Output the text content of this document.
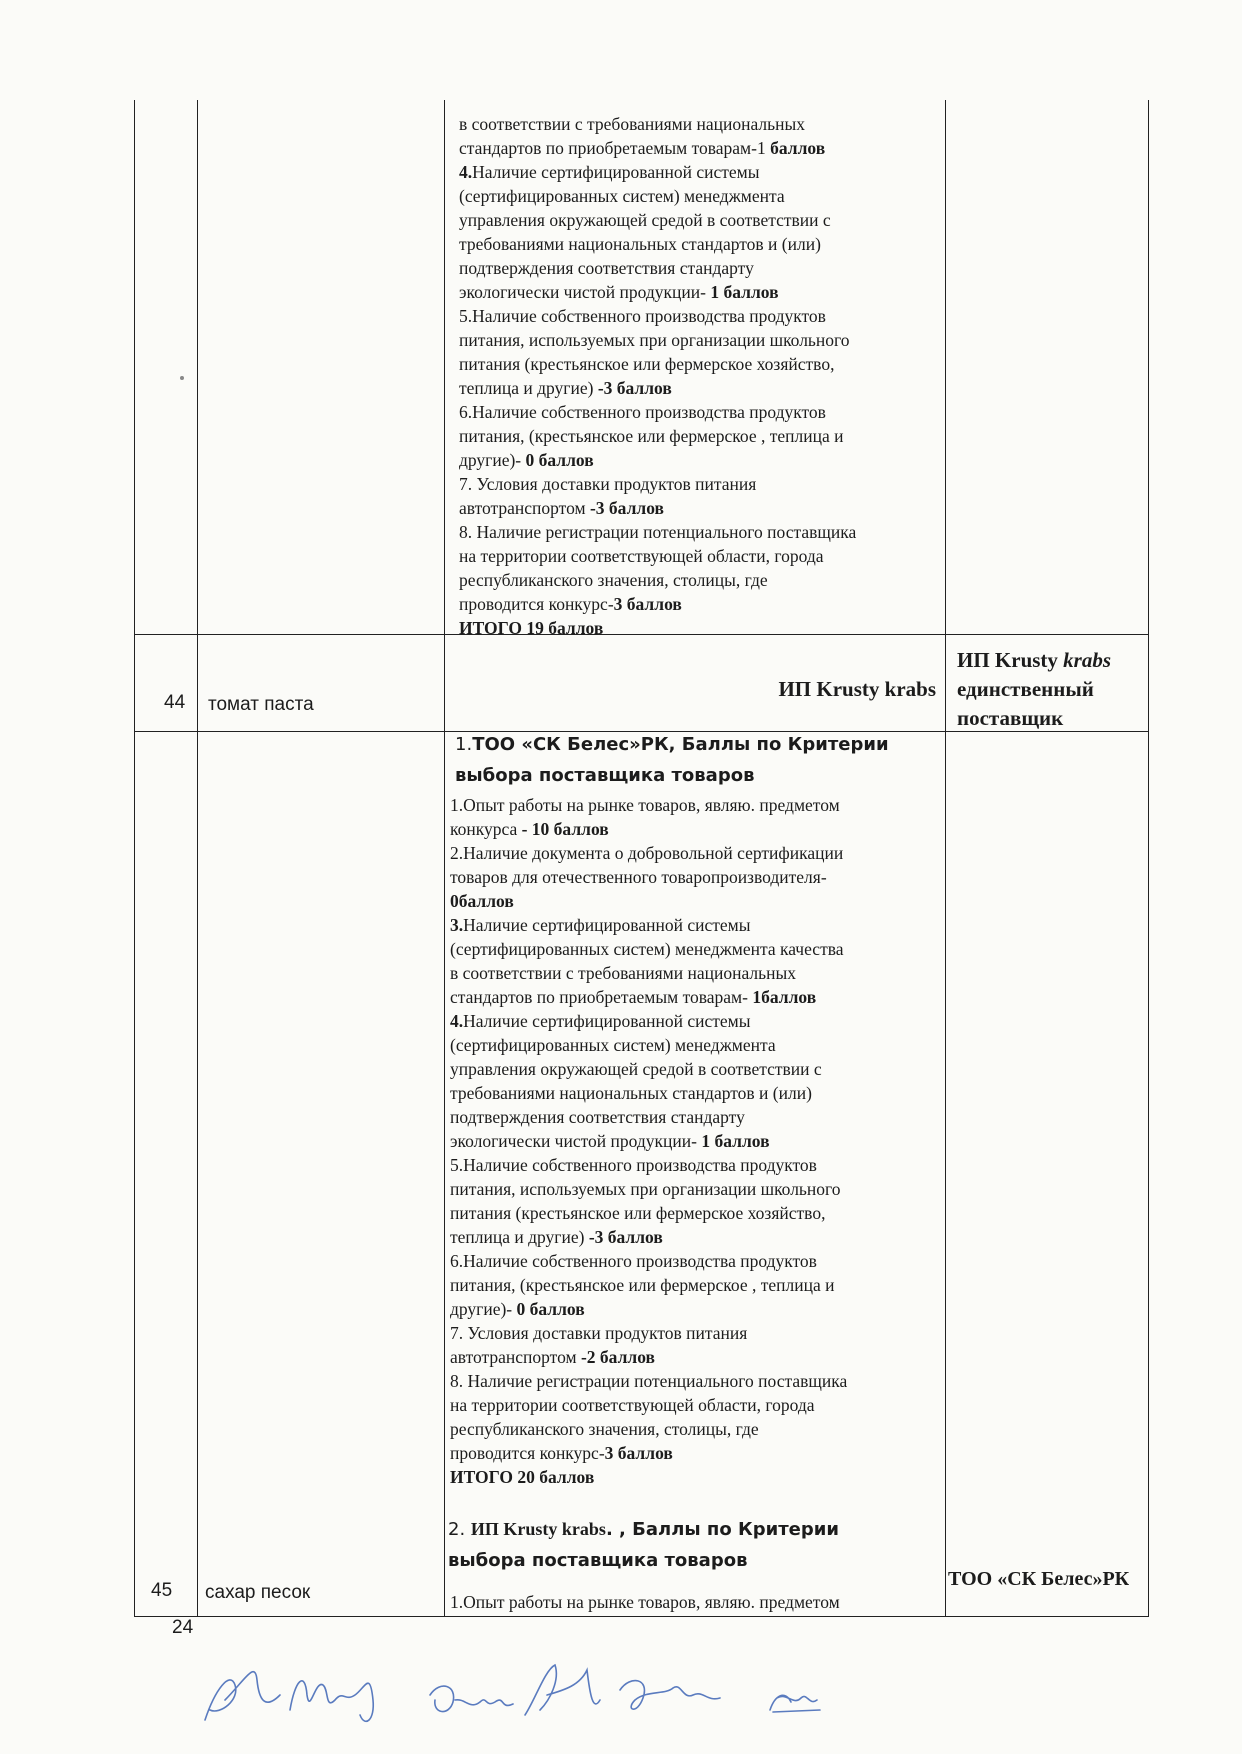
в соответствии с требованиями национальных

стандартов по приобретаемым товарам-1 баллов

4.Наличие сертифицированной системы

(сертифицированных систем) менеджмента

управления окружающей средой в соответствии с

требованиями национальных стандартов и (или)

подтверждения соответствия стандарту

экологически чистой продукции- 1 баллов

5.Наличие собственного производства продуктов

питания, используемых при организации школьного

питания (крестьянское или фермерское хозяйство,

теплица и другие) -3 баллов

6.Наличие собственного производства продуктов

питания, (крестьянское или фермерское , теплица и

другие)- 0 баллов

7. Условия доставки продуктов питания

автотранспортом -3 баллов

8. Наличие регистрации потенциального поставщика

на территории соответствующей области, города

республиканского значения, столицы, где

проводится конкурс-3 баллов

ИТОГО 19 баллов

44 томат паста
ИП Krusty krabs
ИП Krusty krabs
единственный
поставщик
1.ТОО «СК Белес»РК, Баллы по Критерии
выбора поставщика товаров

1.Опыт работы на рынке товаров, являю. предметом

конкурса - 10 баллов

2.Наличие документа о добровольной сертификации

товаров для отечественного товаропроизводителя-

0баллов

3.Наличие сертифицированной системы

(сертифицированных систем) менеджмента качества

в соответствии с требованиями национальных

стандартов по приобретаемым товарам- 1баллов

4.Наличие сертифицированной системы

(сертифицированных систем) менеджмента

управления окружающей средой в соответствии с

требованиями национальных стандартов и (или)

подтверждения соответствия стандарту

экологически чистой продукции- 1 баллов

5.Наличие собственного производства продуктов

питания, используемых при организации школьного

питания (крестьянское или фермерское хозяйство,

теплица и другие) -3 баллов

6.Наличие собственного производства продуктов

питания, (крестьянское или фермерское , теплица и

другие)- 0 баллов

7. Условия доставки продуктов питания

автотранспортом -2 баллов

8. Наличие регистрации потенциального поставщика

на территории соответствующей области, города

республиканского значения, столицы, где

проводится конкурс-3 баллов

ИТОГО 20 баллов

2. ИП Krusty krabs. , Баллы по Критерии
выбора поставщика товаров

1.Опыт работы на рынке товаров, являю. предметом

45 сахар песок
ТОО «СК Белес»РК
24
